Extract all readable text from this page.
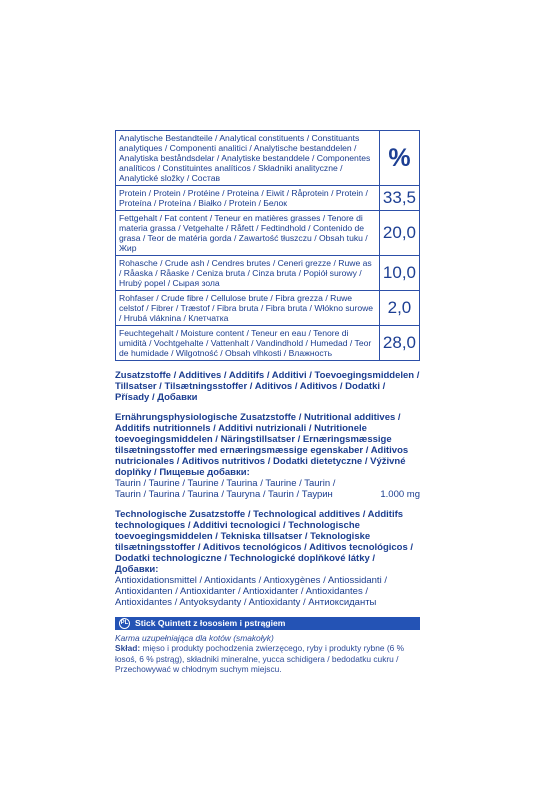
Analytische Bestandteile / Analytical constituents / Constituants analytiques / Componenti analitici / Analytische bestanddelen / Analytiska beståndsdelar / Analytiske bestanddele / Componentes analíticos / Constituintes analíticos / Składniki analityczne / Analytické složky / Состав	%
Protein / Protein / Protéine / Proteina / Eiwit / Råprotein / Protein / Proteína / Proteína / Białko / Protein / Белок	33,5
Fettgehalt / Fat content / Teneur en matières grasses / Tenore di materia grassa / Vetgehalte / Råfett / Fedtindhold / Contenido de grasa / Teor de matéria gorda / Zawartość tłuszczu / Obsah tuku / Жир	20,0
Rohasche / Crude ash / Cendres brutes / Ceneri grezze / Ruwe as / Råaska / Råaske / Ceniza bruta / Cinza bruta / Popiół surowy / Hrubý popel / Сырая зола	10,0
Rohfaser / Crude fibre / Cellulose brute / Fibra grezza / Ruwe celstof / Fibrer / Træstof / Fibra bruta / Fibra bruta / Włókno surowe / Hrubá vláknina / Клетчатка	2,0
Feuchtegehalt / Moisture content / Teneur en eau / Tenore di umidità / Vochtgehalte / Vattenhalt / Vandindhold / Humedad / Teor de humidade / Wilgotność / Obsah vlhkosti / Влажность	28,0
Zusatzstoffe / Additives / Additifs / Additivi / Toevoegingsmiddelen / Tillsatser / Tilsætningsstoffer / Aditivos / Aditivos / Dodatki / Přísady / Добавки
Ernährungsphysiologische Zusatzstoffe / Nutritional additives / Additifs nutritionnels / Additivi nutrizionali / Nutritionele toevoegingsmiddelen / Näringstillsatser / Ernæringsmæssige tilsætningsstoffer med ernæringsmæssige egenskaber / Aditivos nutricionales / Aditivos nutritivos / Dodatki dietetyczne / Výživné doplňky / Пищевые добавки:
Taurin / Taurine / Taurine / Taurina / Taurine / Taurin / Taurin / Taurina / Taurina / Tauryna / Taurin / Таурин	1.000 mg
Technologische Zusatzstoffe / Technological additives / Additifs technologiques / Additivi tecnologici / Technologische toevoegingsmiddelen / Tekniska tillsatser / Teknologiske tilsætningsstoffer / Aditivos tecnológicos / Aditivos tecnológicos / Dodatki technologiczne / Technologické doplňkové látky / Добавки:
Antioxidationsmittel / Antioxidants / Antioxygènes / Antiossidanti / Antioxidanten / Antioxidanter / Antioxidanter / Antioxidantes / Antioxidantes / Antyoksydanty / Antioxidanty / Антиоксиданты
PL Stick Quintett z łososiem i pstrągiem
Karma uzupełniająca dla kotów (smakołyk)
Skład: mięso i produkty pochodzenia zwierzęcego, ryby i produkty rybne (6 % łosoś, 6 % pstrąg), składniki mineralne, yucca schidigera / bedodatku cukru / Przechowywać w chłodnym suchym miejscu.
